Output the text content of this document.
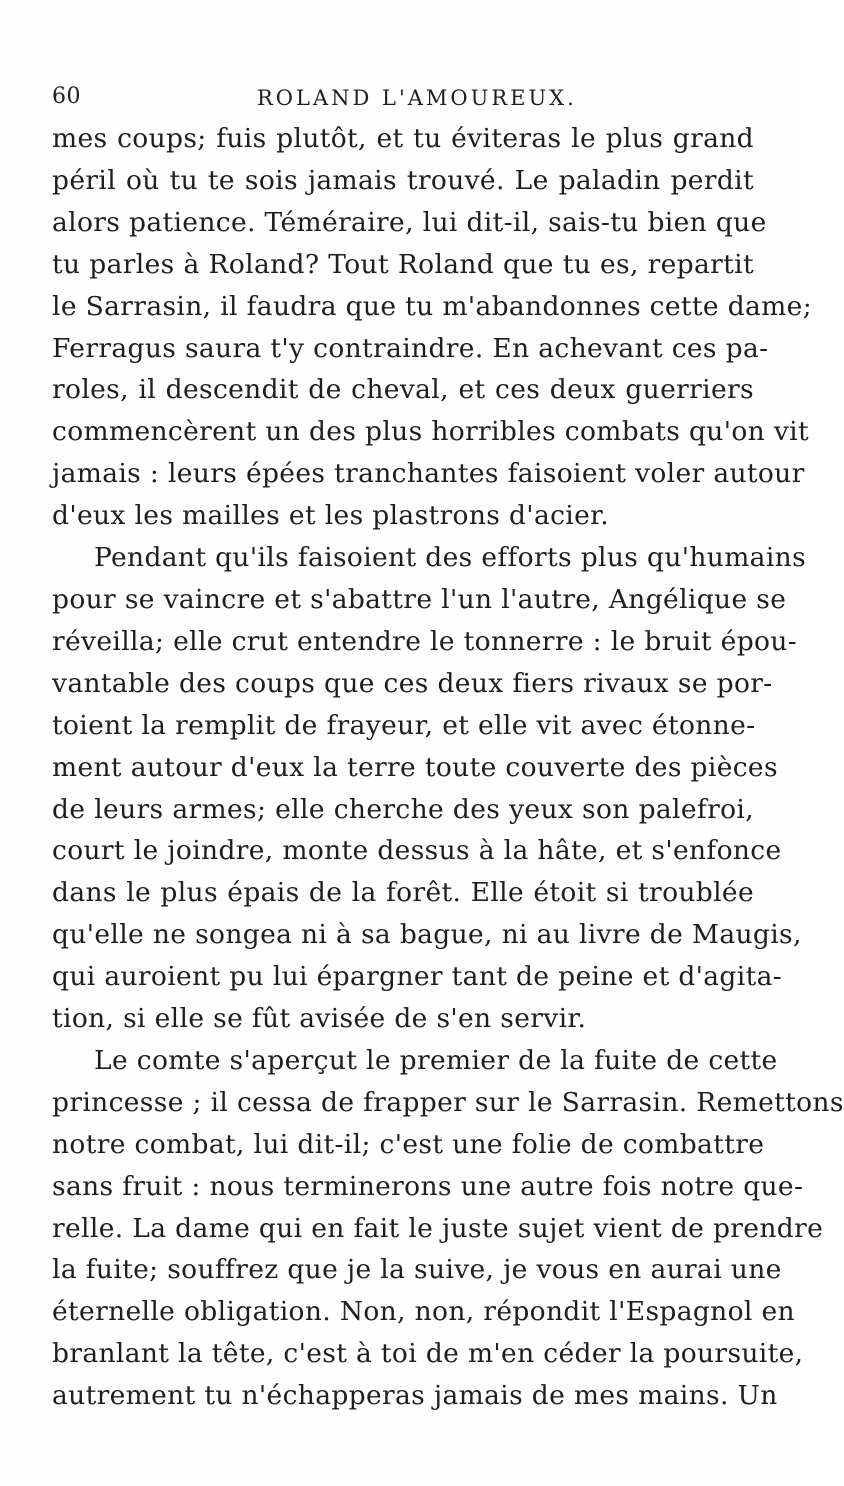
60	ROLAND L'AMOUREUX.
mes coups; fuis plutôt, et tu éviteras le plus grand
péril où tu te sois jamais trouvé. Le paladin perdit
alors patience. Téméraire, lui dit-il, sais-tu bien que
tu parles à Roland? Tout Roland que tu es, repartit
le Sarrasin, il faudra que tu m'abandonnes cette dame;
Ferragus saura t'y contraindre. En achevant ces pa-
roles, il descendit de cheval, et ces deux guerriers
commencèrent un des plus horribles combats qu'on vit
jamais : leurs épées tranchantes faisoient voler autour
d'eux les mailles et les plastrons d'acier.
Pendant qu'ils faisoient des efforts plus qu'humains
pour se vaincre et s'abattre l'un l'autre, Angélique se
réveilla; elle crut entendre le tonnerre : le bruit épou-
vantable des coups que ces deux fiers rivaux se por-
toient la remplit de frayeur, et elle vit avec étonne-
ment autour d'eux la terre toute couverte des pièces
de leurs armes; elle cherche des yeux son palefroi,
court le joindre, monte dessus à la hâte, et s'enfonce
dans le plus épais de la forêt. Elle étoit si troublée
qu'elle ne songea ni à sa bague, ni au livre de Maugis,
qui auroient pu lui épargner tant de peine et d'agita-
tion, si elle se fût avisée de s'en servir.
Le comte s'aperçut le premier de la fuite de cette
princesse ; il cessa de frapper sur le Sarrasin. Remettons
notre combat, lui dit-il; c'est une folie de combattre
sans fruit : nous terminerons une autre fois notre que-
relle. La dame qui en fait le juste sujet vient de prendre
la fuite; souffrez que je la suive, je vous en aurai une
éternelle obligation. Non, non, répondit l'Espagnol en
branlant la tête, c'est à toi de m'en céder la poursuite,
autrement tu n'échapperas jamais de mes mains. Un
